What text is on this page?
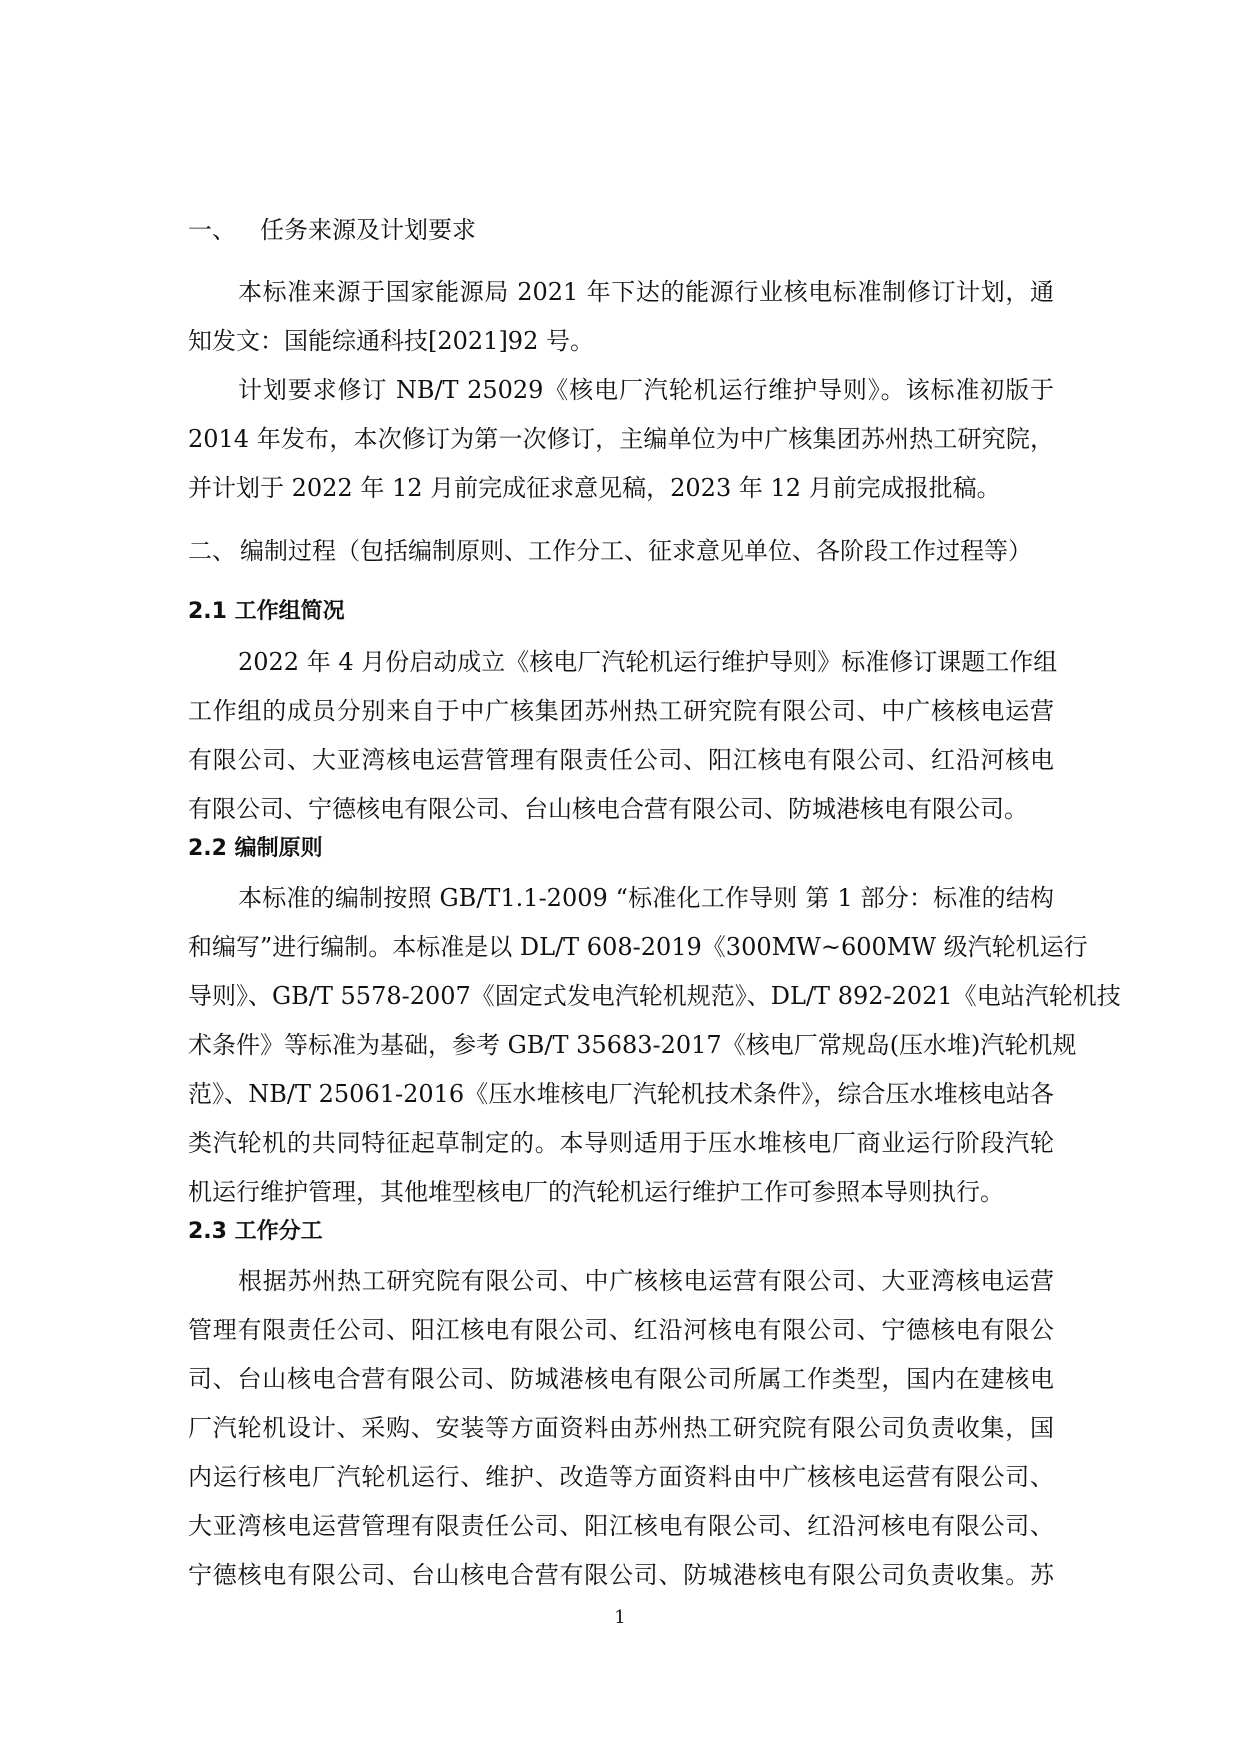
一、 任务来源及计划要求

本标准来源于国家能源局 2021 年下达的能源行业核电标准制修订计划，通

知发文：国能综通科技[2021]92 号。

计划要求修订 NB/T 25029《核电厂汽轮机运行维护导则》。该标准初版于

2014 年发布，本次修订为第一次修订，主编单位为中广核集团苏州热工研究院，

并计划于 2022 年 12 月前完成征求意见稿，2023 年 12 月前完成报批稿。

二、 编制过程（包括编制原则、工作分工、征求意见单位、各阶段工作过程等）
2.1 工作组简况

2022 年 4 月份启动成立《核电厂汽轮机运行维护导则》标准修订课题工作组

工作组的成员分别来自于中广核集团苏州热工研究院有限公司、中广核核电运营

有限公司、大亚湾核电运营管理有限责任公司、阳江核电有限公司、红沿河核电

有限公司、宁德核电有限公司、台山核电合营有限公司、防城港核电有限公司。

2.2 编制原则

本标准的编制按照 GB/T1.1-2009 “标准化工作导则 第 1 部分：标准的结构

和编写”进行编制。本标准是以 DL/T 608-2019《300MW~600MW 级汽轮机运行

导则》、GB/T 5578-2007《固定式发电汽轮机规范》、DL/T 892-2021《电站汽轮机技

术条件》等标准为基础，参考 GB/T 35683-2017《核电厂常规岛(压水堆)汽轮机规

范》、NB/T 25061-2016《压水堆核电厂汽轮机技术条件》，综合压水堆核电站各

类汽轮机的共同特征起草制定的。本导则适用于压水堆核电厂商业运行阶段汽轮

机运行维护管理，其他堆型核电厂的汽轮机运行维护工作可参照本导则执行。

2.3 工作分工

根据苏州热工研究院有限公司、中广核核电运营有限公司、大亚湾核电运营

管理有限责任公司、阳江核电有限公司、红沿河核电有限公司、宁德核电有限公

司、台山核电合营有限公司、防城港核电有限公司所属工作类型，国内在建核电

厂汽轮机设计、采购、安装等方面资料由苏州热工研究院有限公司负责收集，国

内运行核电厂汽轮机运行、维护、改造等方面资料由中广核核电运营有限公司、

大亚湾核电运营管理有限责任公司、阳江核电有限公司、红沿河核电有限公司、

宁德核电有限公司、台山核电合营有限公司、防城港核电有限公司负责收集。苏

1
